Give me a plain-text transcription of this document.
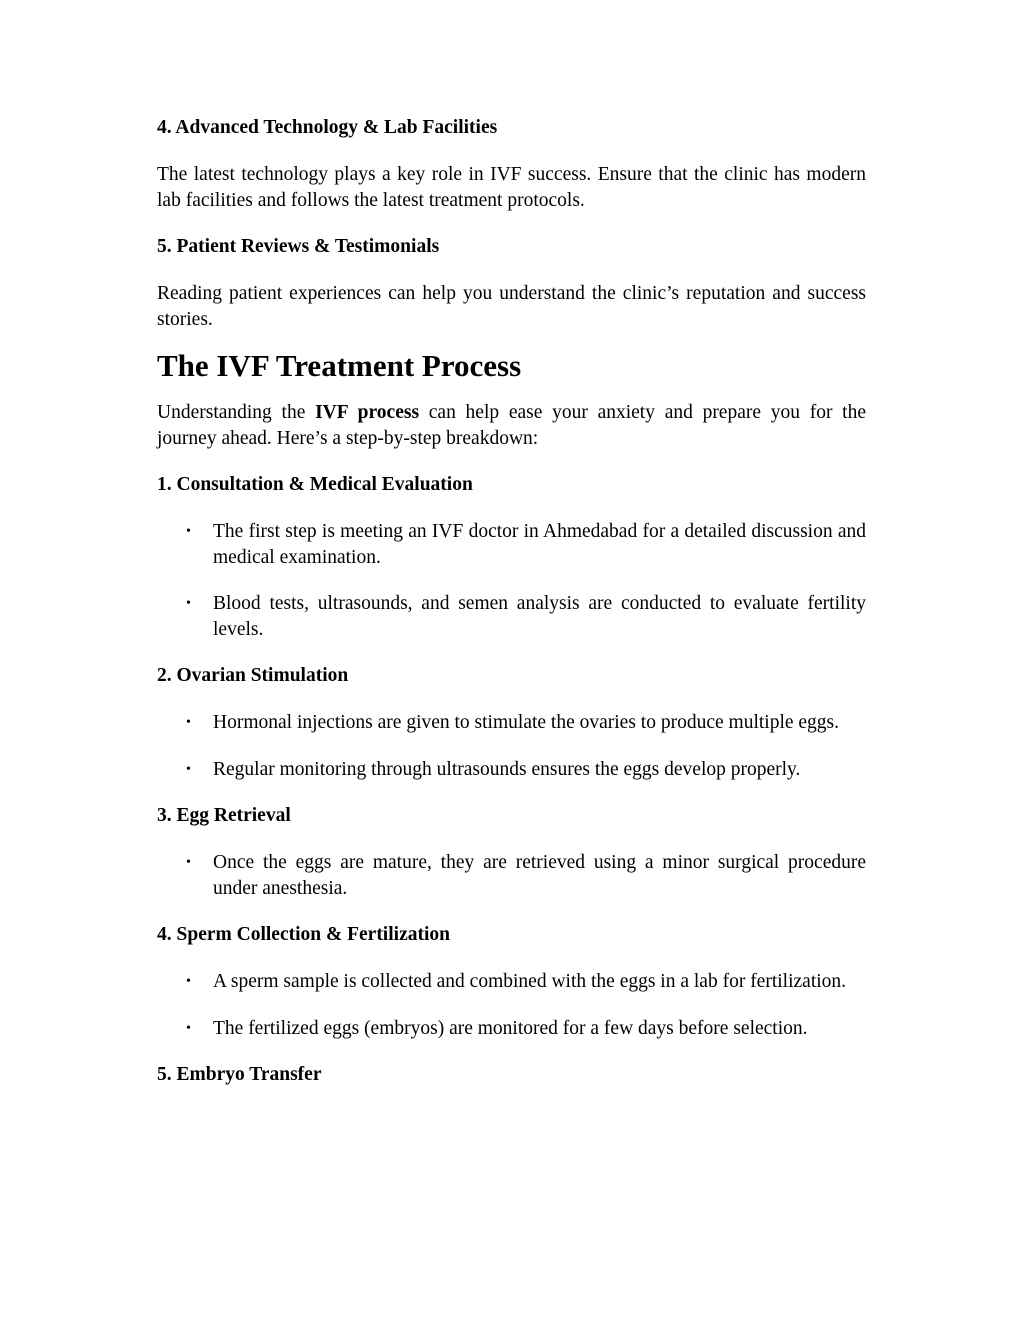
4. Advanced Technology & Lab Facilities

The latest technology plays a key role in IVF success. Ensure that the clinic has modern lab facilities and follows the latest treatment protocols.

5. Patient Reviews & Testimonials

Reading patient experiences can help you understand the clinic’s reputation and success stories.

The IVF Treatment Process

Understanding the IVF process can help ease your anxiety and prepare you for the journey ahead. Here’s a step-by-step breakdown:

1. Consultation & Medical Evaluation

• The first step is meeting an IVF doctor in Ahmedabad for a detailed discussion and medical examination.
• Blood tests, ultrasounds, and semen analysis are conducted to evaluate fertility levels.

2. Ovarian Stimulation

• Hormonal injections are given to stimulate the ovaries to produce multiple eggs.
• Regular monitoring through ultrasounds ensures the eggs develop properly.

3. Egg Retrieval

• Once the eggs are mature, they are retrieved using a minor surgical procedure under anesthesia.

4. Sperm Collection & Fertilization

• A sperm sample is collected and combined with the eggs in a lab for fertilization.
• The fertilized eggs (embryos) are monitored for a few days before selection.

5. Embryo Transfer
